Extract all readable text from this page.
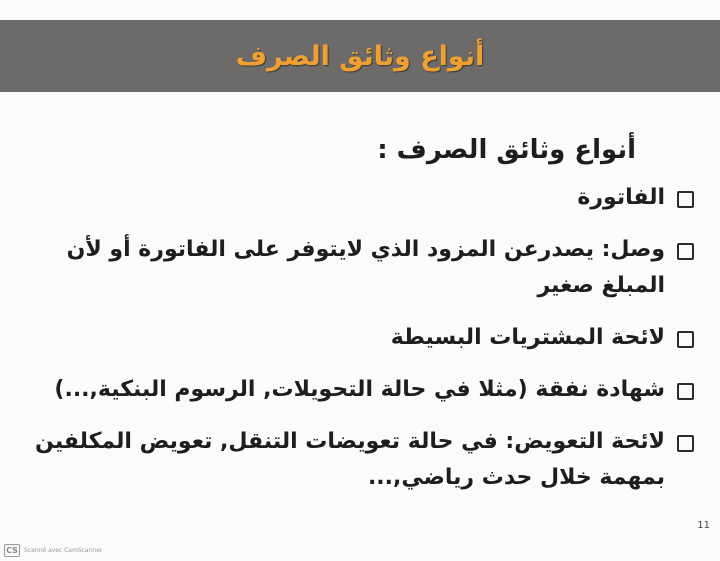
أنواع وثائق الصرف
أنواع وثائق الصرف :
الفاتورة
وصل: يصدرعن المزود الذي لايتوفر على الفاتورة أو لأن المبلغ صغير
لائحة المشتريات البسيطة
شهادة نفقة (مثلا في حالة التحويلات, الرسوم البنكية,...)
لائحة التعويض: في حالة تعويضات التنقل, تعويض المكلفين بمهمة خلال حدث رياضي,...
11
CS	Scanné avec CamScanner
